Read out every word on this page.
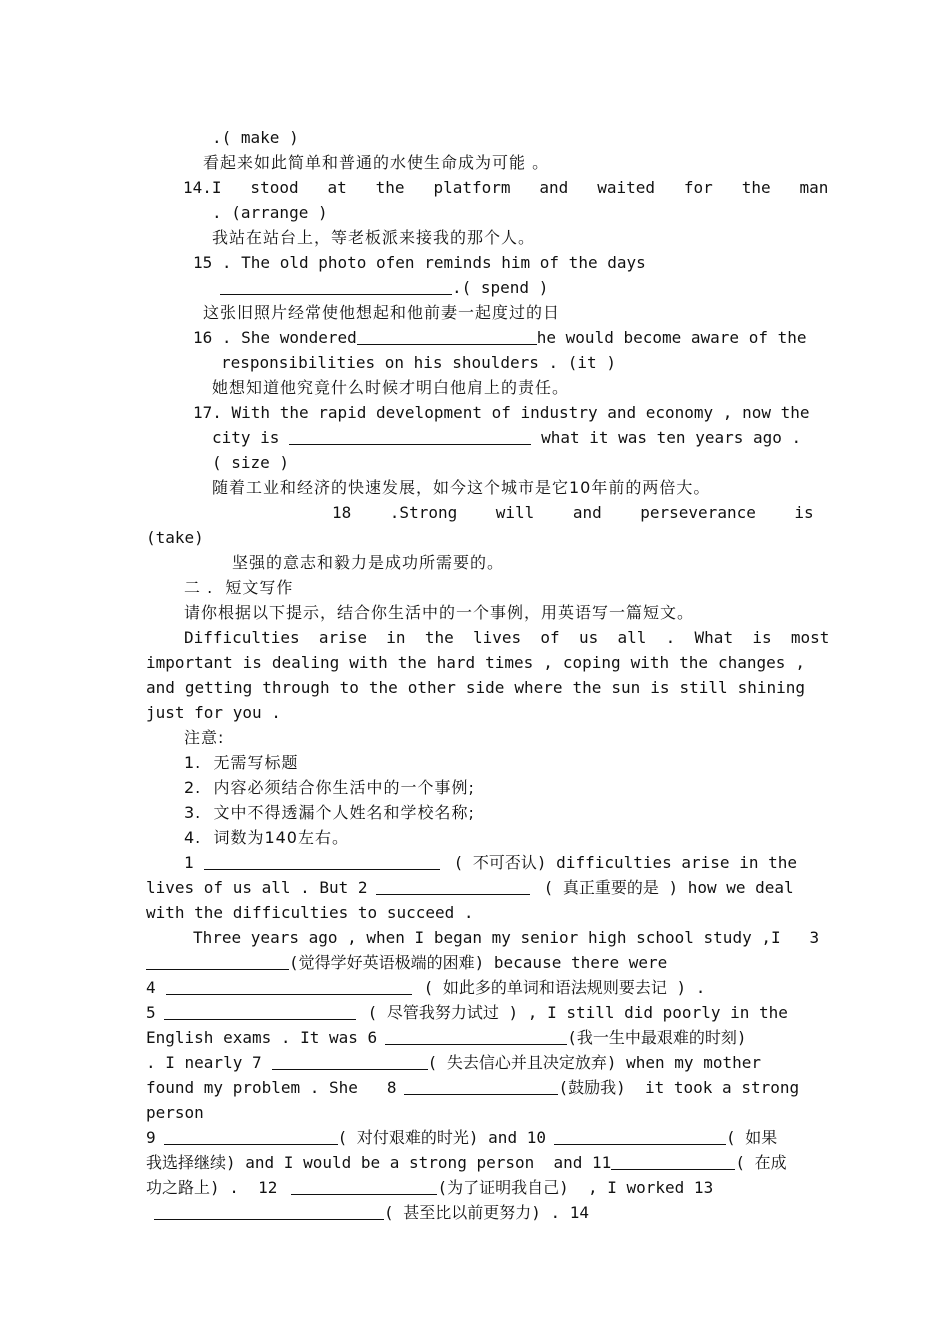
.( make )
看起来如此简单和普通的水使生命成为可能 。
14.I   stood   at   the   platform   and   waited   for   the   man
. (arrange )
我站在站台上，等老板派来接我的那个人。
15 . The old photo ofen reminds him of the days
.( spend )
这张旧照片经常使他想起和他前妻一起度过的日
16 . She wondered	he would become aware of the
responsibilities on his shoulders . (it )
她想知道他究竟什么时候才明白他肩上的责任。
17. With the rapid development of industry and economy , now the
city is	what it was ten years ago .
( size )
随着工业和经济的快速发展，如今这个城市是它10年前的两倍大。
18    .Strong    will    and    perseverance    is
(take)
坚强的意志和毅力是成功所需要的。
二 .  短文写作
请你根据以下提示，结合你生活中的一个事例，用英语写一篇短文。
Difficulties  arise  in  the  lives  of  us  all  .  What  is  most
important is dealing with the hard times , coping with the changes ,
and getting through to the other side where the sun is still shining
just for you .
注意:
1.  无需写标题
2.  内容必须结合你生活中的一个事例;
3.  文中不得透漏个人姓名和学校名称;
4.  词数为140左右。
1	( 不可否认) difficulties arise in the
lives of us all . But 2	( 真正重要的是 ) how we deal
with the difficulties to succeed .
Three years ago , when I began my senior high school study ,I   3
(觉得学好英语极端的困难) because there were
4	( 如此多的单词和语法规则要去记 ) .
5	( 尽管我努力试过 ) , I still did poorly in the
English exams . It was 6	(我一生中最艰难的时刻)
. I nearly 7	( 失去信心并且决定放弃) when my mother
found my problem . She   8	(鼓励我)  it took a strong
person
9	( 对付艰难的时光) and 10	( 如果
我选择继续) and I would be a strong person  and 11	( 在成
功之路上) .  12	(为了证明我自己)  , I worked 13
( 甚至比以前更努力) . 14
